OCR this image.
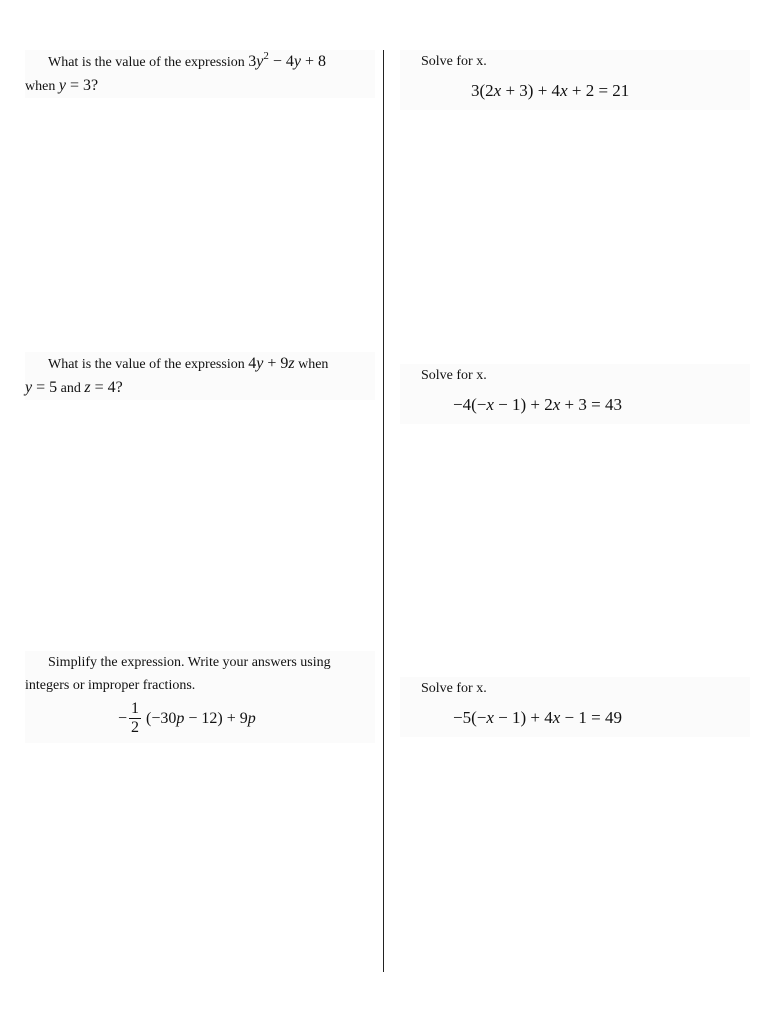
What is the value of the expression $3y^2 - 4y + 8$
when y = 3?
What is the value of the expression 4y + 9z when
y = 5 and z = 4?
Simplify the expression. Write your answers using
integers or improper fractions.
− $\frac{1}{2} (-30p - 12) + 9p$
Solve for x.
3(2x + 3) + 4x + 2 = 21
Solve for x.
−4(−x − 1) + 2x + 3 = 43
Solve for x.
−5(−x − 1) + 4x − 1 = 49
